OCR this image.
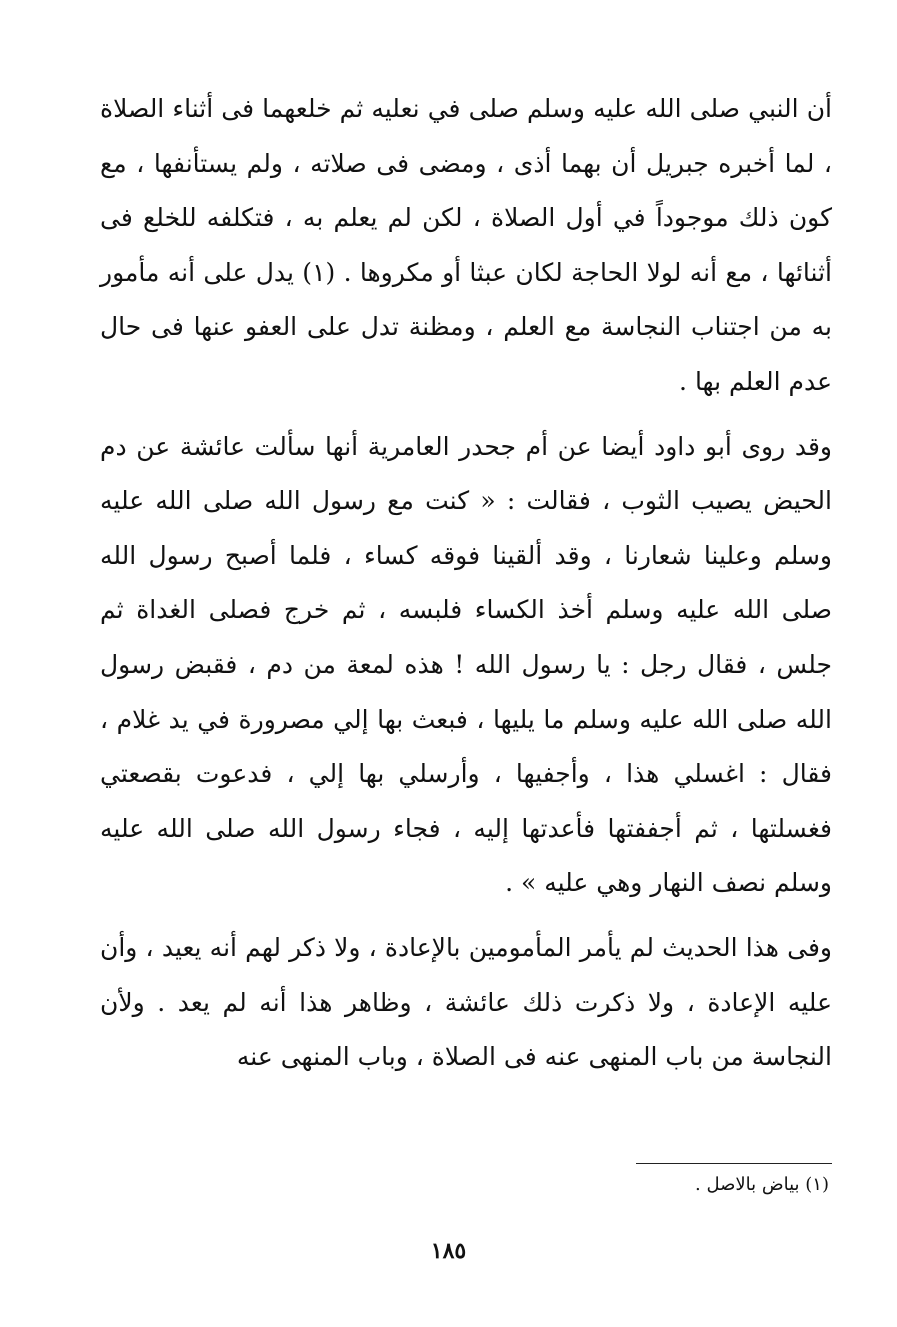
أن النبي صلى الله عليه وسلم صلى في نعليه ثم خلعهما فى أثناء الصلاة ، لما أخبره جبريل أن بهما أذى ، ومضى فى صلاته ، ولم يستأنفها ، مع كون ذلك موجوداً في أول الصلاة ، لكن لم يعلم به ، فتكلفه للخلع فى أثنائها ، مع أنه لولا الحاجة لكان عبثا أو مكروها . (١) يدل على أنه مأمور به من اجتناب النجاسة مع العلم ، ومظنة تدل على العفو عنها فى حال عدم العلم بها .

وقد روى أبو داود أيضا عن أم جحدر العامرية أنها سألت عائشة عن دم الحيض يصيب الثوب ، فقالت : « كنت مع رسول الله صلى الله عليه وسلم وعلينا شعارنا ، وقد ألقينا فوقه كساء ، فلما أصبح رسول الله صلى الله عليه وسلم أخذ الكساء فلبسه ، ثم خرج فصلى الغداة ثم جلس ، فقال رجل : يا رسول الله ! هذه لمعة من دم ، فقبض رسول الله صلى الله عليه وسلم ما يليها ، فبعث بها إلي مصرورة في يد غلام ، فقال : اغسلي هذا ، وأجفيها ، وأرسلي بها إلي ، فدعوت بقصعتي فغسلتها ، ثم أجففتها فأعدتها إليه ، فجاء رسول الله صلى الله عليه وسلم نصف النهار وهي عليه » .

وفى هذا الحديث لم يأمر المأمومين بالإعادة ، ولا ذكر لهم أنه يعيد ، وأن عليه الإعادة ، ولا ذكرت ذلك عائشة ، وظاهر هذا أنه لم يعد . ولأن النجاسة من باب المنهى عنه فى الصلاة ، وباب المنهى عنه

(١) بياض بالاصل .
١٨٥
